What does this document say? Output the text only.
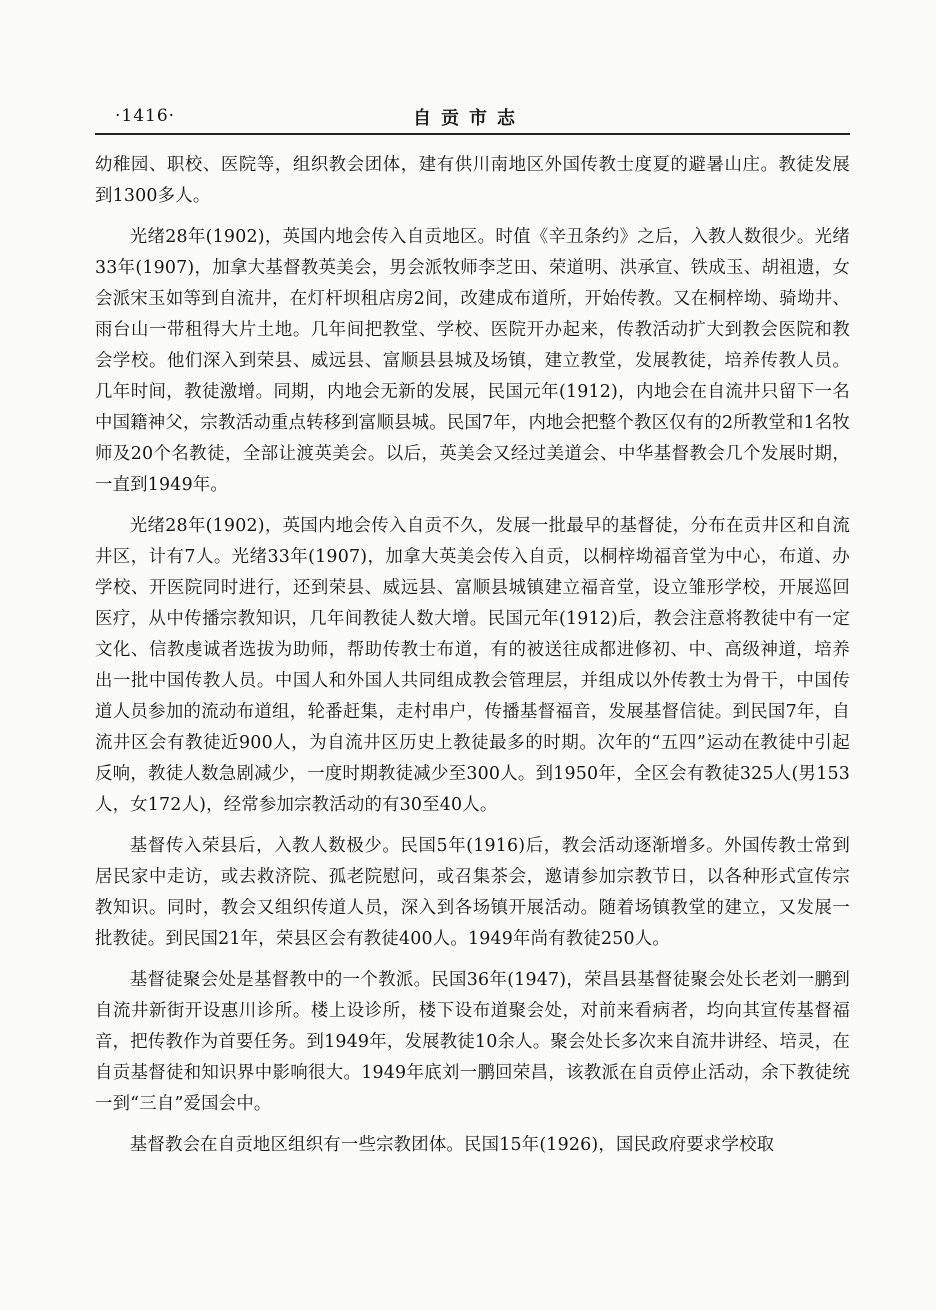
·1416·	自贡市志

幼稚园、职校、医院等，组织教会团体，建有供川南地区外国传教士度夏的避暑山庄。教徒发展到1300多人。

光绪28年(1902)，英国内地会传入自贡地区。时值《辛丑条约》之后，入教人数很少。光绪33年(1907)，加拿大基督教英美会，男会派牧师李芝田、荣道明、洪承宣、铁成玉、胡祖遗，女会派宋玉如等到自流井，在灯杆坝租店房2间，改建成布道所，开始传教。又在桐梓坳、骑坳井、雨台山一带租得大片土地。几年间把教堂、学校、医院开办起来，传教活动扩大到教会医院和教会学校。他们深入到荣县、威远县、富顺县县城及场镇，建立教堂，发展教徒，培养传教人员。几年时间，教徒激增。同期，内地会无新的发展，民国元年(1912)，内地会在自流井只留下一名中国籍神父，宗教活动重点转移到富顺县城。民国7年，内地会把整个教区仅有的2所教堂和1名牧师及20个名教徒，全部让渡英美会。以后，英美会又经过美道会、中华基督教会几个发展时期，一直到1949年。

光绪28年(1902)，英国内地会传入自贡不久，发展一批最早的基督徒，分布在贡井区和自流井区，计有7人。光绪33年(1907)，加拿大英美会传入自贡，以桐梓坳福音堂为中心，布道、办学校、开医院同时进行，还到荣县、威远县、富顺县城镇建立福音堂，设立雏形学校，开展巡回医疗，从中传播宗教知识，几年间教徒人数大增。民国元年(1912)后，教会注意将教徒中有一定文化、信教虔诚者选拔为助师，帮助传教士布道，有的被送往成都进修初、中、高级神道，培养出一批中国传教人员。中国人和外国人共同组成教会管理层，并组成以外传教士为骨干，中国传道人员参加的流动布道组，轮番赶集，走村串户，传播基督福音，发展基督信徒。到民国7年，自流井区会有教徒近900人，为自流井区历史上教徒最多的时期。次年的“五四”运动在教徒中引起反响，教徒人数急剧减少，一度时期教徒减少至300人。到1950年，全区会有教徒325人(男153人，女172人)，经常参加宗教活动的有30至40人。

基督传入荣县后，入教人数极少。民国5年(1916)后，教会活动逐渐增多。外国传教士常到居民家中走访，或去救济院、孤老院慰问，或召集茶会，邀请参加宗教节日，以各种形式宣传宗教知识。同时，教会又组织传道人员，深入到各场镇开展活动。随着场镇教堂的建立，又发展一批教徒。到民国21年，荣县区会有教徒400人。1949年尚有教徒250人。

基督徒聚会处是基督教中的一个教派。民国36年(1947)，荣昌县基督徒聚会处长老刘一鹏到自流井新街开设惠川诊所。楼上设诊所，楼下设布道聚会处，对前来看病者，均向其宣传基督福音，把传教作为首要任务。到1949年，发展教徒10余人。聚会处长多次来自流井讲经、培灵，在自贡基督徒和知识界中影响很大。1949年底刘一鹏回荣昌，该教派在自贡停止活动，余下教徒统一到“三自”爱国会中。

基督教会在自贡地区组织有一些宗教团体。民国15年(1926)，国民政府要求学校取
